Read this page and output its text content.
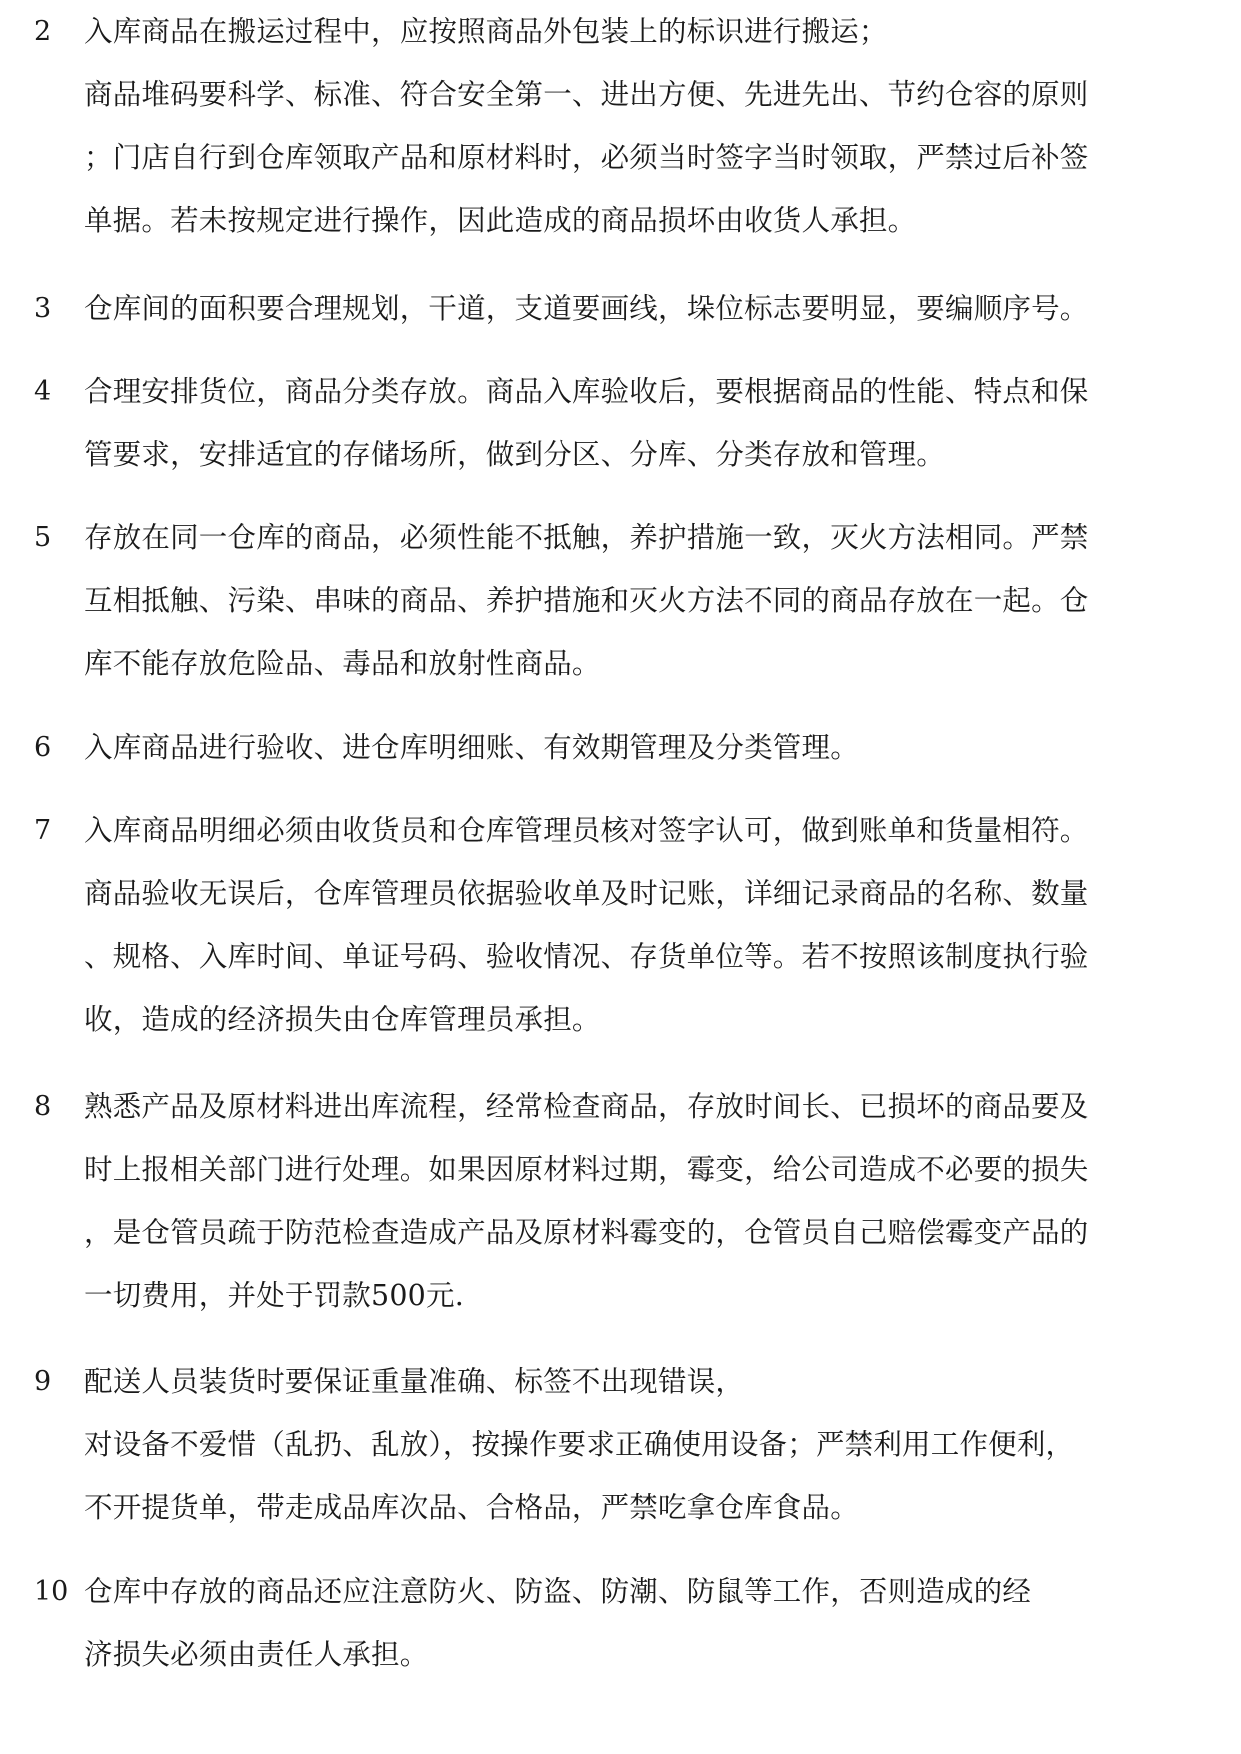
2	入库商品在搬运过程中，应按照商品外包装上的标识进行搬运；
商品堆码要科学、标准、符合安全第一、进出方便、先进先出、节约仓容的原则
；门店自行到仓库领取产品和原材料时，必须当时签字当时领取，严禁过后补签
单据。若未按规定进行操作，因此造成的商品损坏由收货人承担。
3	仓库间的面积要合理规划，干道，支道要画线，垛位标志要明显，要编顺序号。
4	合理安排货位，商品分类存放。商品入库验收后，要根据商品的性能、特点和保
管要求，安排适宜的存储场所，做到分区、分库、分类存放和管理。
5	存放在同一仓库的商品，必须性能不抵触，养护措施一致，灭火方法相同。严禁
互相抵触、污染、串味的商品、养护措施和灭火方法不同的商品存放在一起。仓
库不能存放危险品、毒品和放射性商品。
6	入库商品进行验收、进仓库明细账、有效期管理及分类管理。
7	入库商品明细必须由收货员和仓库管理员核对签字认可，做到账单和货量相符。
商品验收无误后，仓库管理员依据验收单及时记账，详细记录商品的名称、数量
、规格、入库时间、单证号码、验收情况、存货单位等。若不按照该制度执行验
收，造成的经济损失由仓库管理员承担。
8	熟悉产品及原材料进出库流程，经常检查商品，存放时间长、已损坏的商品要及
时上报相关部门进行处理。如果因原材料过期，霉变，给公司造成不必要的损失
，是仓管员疏于防范检查造成产品及原材料霉变的，仓管员自己赔偿霉变产品的
一切费用，并处于罚款500元.
9	配送人员装货时要保证重量准确、标签不出现错误，
对设备不爱惜（乱扔、乱放），按操作要求正确使用设备；严禁利用工作便利，
不开提货单，带走成品库次品、合格品，严禁吃拿仓库食品。
10 仓库中存放的商品还应注意防火、防盗、防潮、防鼠等工作，否则造成的经
济损失必须由责任人承担。
